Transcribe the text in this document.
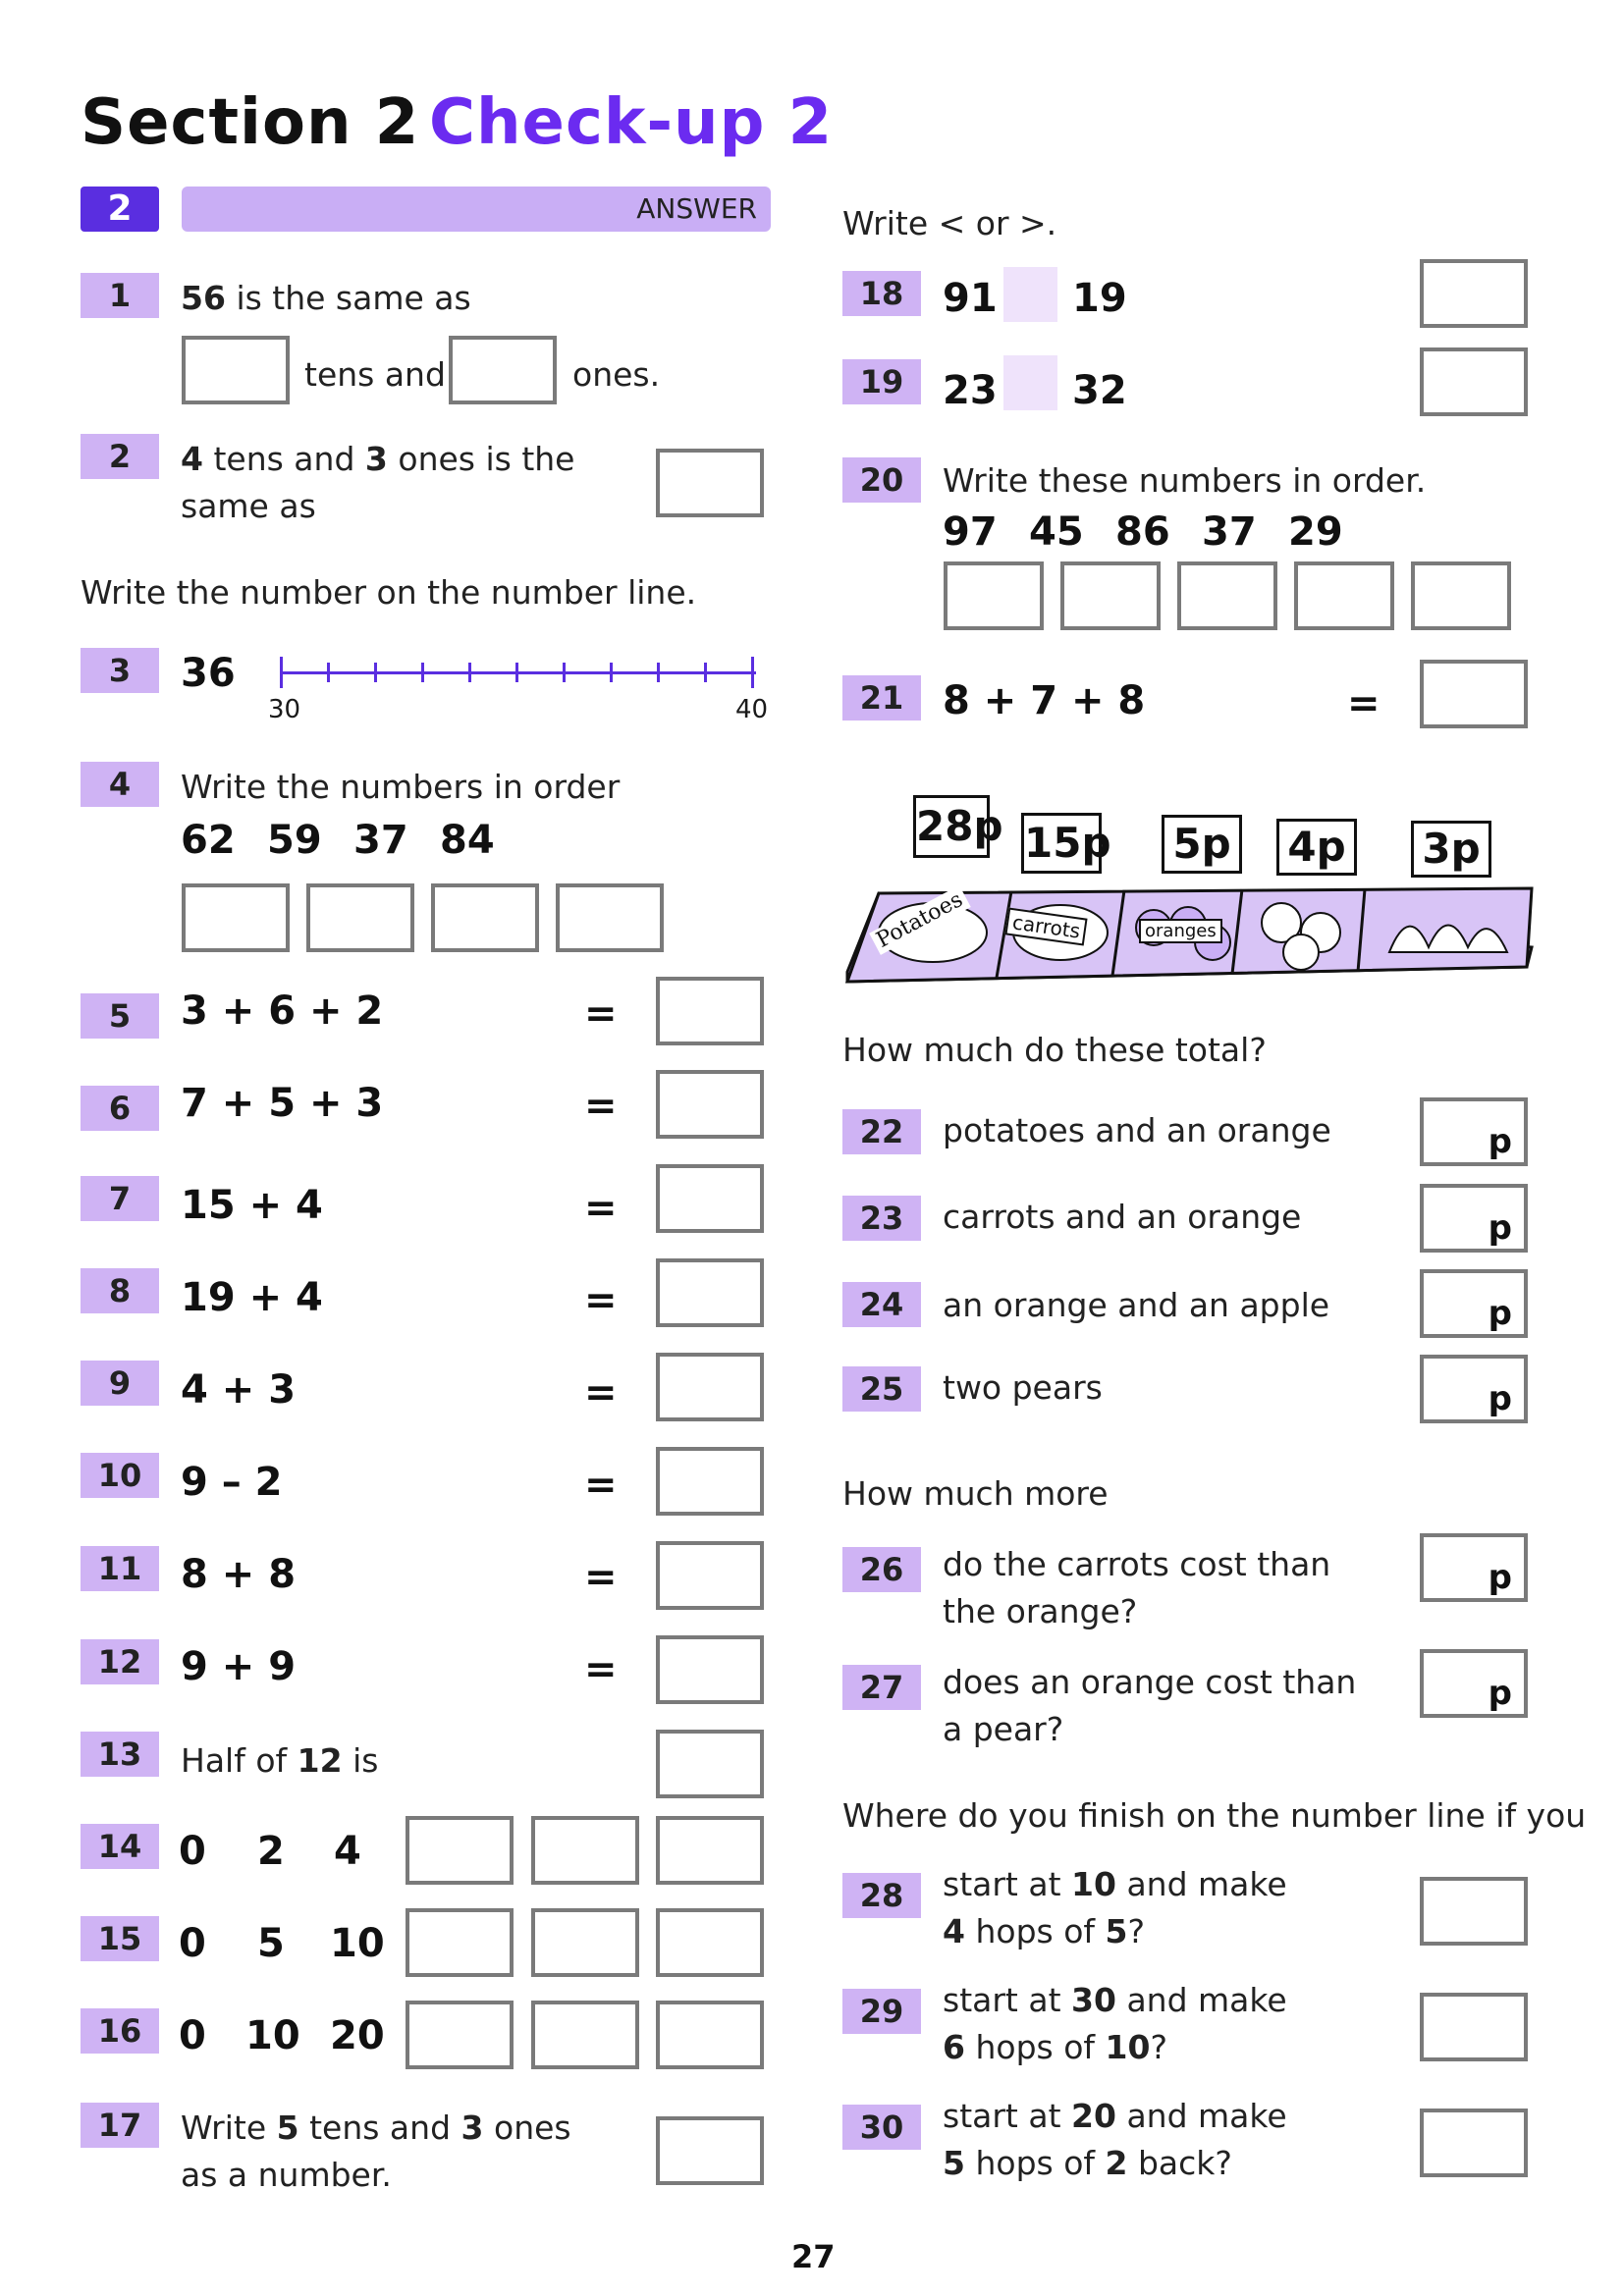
Section 2 Check-up 2
2	ANSWER
1	56 is the same as
tens and	ones.
2	4 tens and 3 ones is the
same as
Write the number on the number line.
3	36
30	40
4	Write the numbers in order
62 59 37 84
5	3 + 6 + 2	=
6	7 + 5 + 3	=
7	15 + 4	=
8	19 + 4	=
9	4 + 3	=
10 9 – 2	=
11 8 + 8	=
12 9 + 9	=
13	Half of 12 is
14 0 2 4
15 0 5 10
16 0 10 20
17	Write 5 tens and 3 ones
as a number.
Write < or >.
18 91 19
19 23 32
20	Write these numbers in order.
97 45 86 37 29
21 8 + 7 + 8	=
Potatoes	carrots	oranges
28p 15p 5p 4p 3p
How much do these total?
22	potatoes and an orange	p
23	carrots and an orange	p
24	an orange and an apple	p
25	two pears	p
How much more
26	do the carrots cost than
the orange?
p
27	does an orange cost than
a pear?
p
Where do you finish on the number line if you
28	start at 10 and make
4 hops of 5?
29	start at 30 and make
6 hops of 10?
30	start at 20 and make
5 hops of 2 back?
27
